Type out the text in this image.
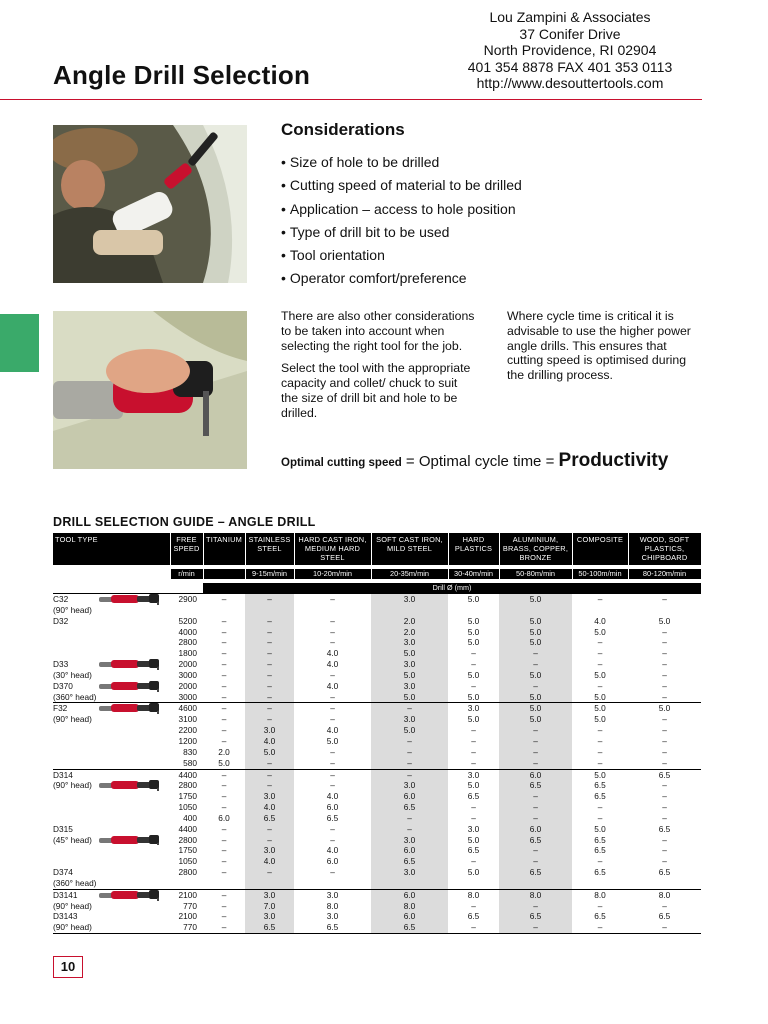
Lou Zampini & Associates
37 Conifer Drive
North Providence, RI 02904
401 354 8878 FAX 401 353 0113
http://www.desouttertools.com
Angle Drill Selection
Considerations
• Size of hole to be drilled
• Cutting speed of material to be drilled
• Application – access to hole position
• Type of drill bit to be used
• Tool orientation
• Operator comfort/preference

There are also other considerations to be taken into account when selecting the right tool for the job.

Select the tool with the appropriate capacity and collet/ chuck to suit the size of drill bit and hole to be drilled.

Where cycle time is critical it is advisable to use the higher power angle drills. This ensures that cutting speed is optimised during the drilling process.

Optimal cutting speed = Optimal cycle time = Productivity
DRILL SELECTION GUIDE – ANGLE DRILL
TOOL TYPE	FREE SPEED	TITANIUM	STAINLESS STEEL	HARD CAST IRON, MEDIUM HARD STEEL	SOFT CAST IRON, MILD STEEL	HARD PLASTICS	ALUMINIUM, BRASS, COPPER, BRONZE	COMPOSITE	WOOD, SOFT PLASTICS, CHIPBOARD

	r/min		9-15m/min	10-20m/min	20-35m/min	30-40m/min	50-80m/min	50-100m/min	80-120m/min

		Drill Ø (mm)							
C32	2900	–	–	–	3.0	5.0	5.0	–	–
(90° head)									
D32	5200	–	–	–	2.0	5.0	5.0	4.0	5.0
	4000	–	–	–	2.0	5.0	5.0	5.0	–
	2800	–	–	–	3.0	5.0	5.0	–	–
	1800	–	–	4.0	5.0	–	–	–	–
D33	2000	–	–	4.0	3.0	–	–	–	–
(30° head)	3000	–	–	–	5.0	5.0	5.0	5.0	–
D370	2000	–	–	4.0	3.0	–	–	–	–
(360° head)	3000	–	–	–	5.0	5.0	5.0	5.0	–
F32	4600	–	–	–	–	3.0	5.0	5.0	5.0
(90° head)	3100	–	–	–	3.0	5.0	5.0	5.0	–
	2200	–	3.0	4.0	5.0	–	–	–	–
	1200	–	4.0	5.0	–	–	–	–	–
	830	2.0	5.0	–	–	–	–	–	–
	580	5.0	–	–	–	–	–	–	–
D314	4400	–	–	–	–	3.0	6.0	5.0	6.5
(90° head)	2800	–	–	–	3.0	5.0	6.5	6.5	–
	1750	–	3.0	4.0	6.0	6.5	–	6.5	–
	1050	–	4.0	6.0	6.5	–	–	–	–
	400	6.0	6.5	6.5	–	–	–	–	–
D315	4400	–	–	–	–	3.0	6.0	5.0	6.5
(45° head)	2800	–	–	–	3.0	5.0	6.5	6.5	–
	1750	–	3.0	4.0	6.0	6.5	–	6.5	–
	1050	–	4.0	6.0	6.5	–	–	–	–
D374	2800	–	–	–	3.0	5.0	6.5	6.5	6.5
(360° head)									
D3141	2100	–	3.0	3.0	6.0	8.0	8.0	8.0	8.0
(90° head)	770	–	7.0	8.0	8.0	–	–	–	–
D3143	2100	–	3.0	3.0	6.0	6.5	6.5	6.5	6.5
(90° head)	770	–	6.5	6.5	6.5	–	–	–	–
10
